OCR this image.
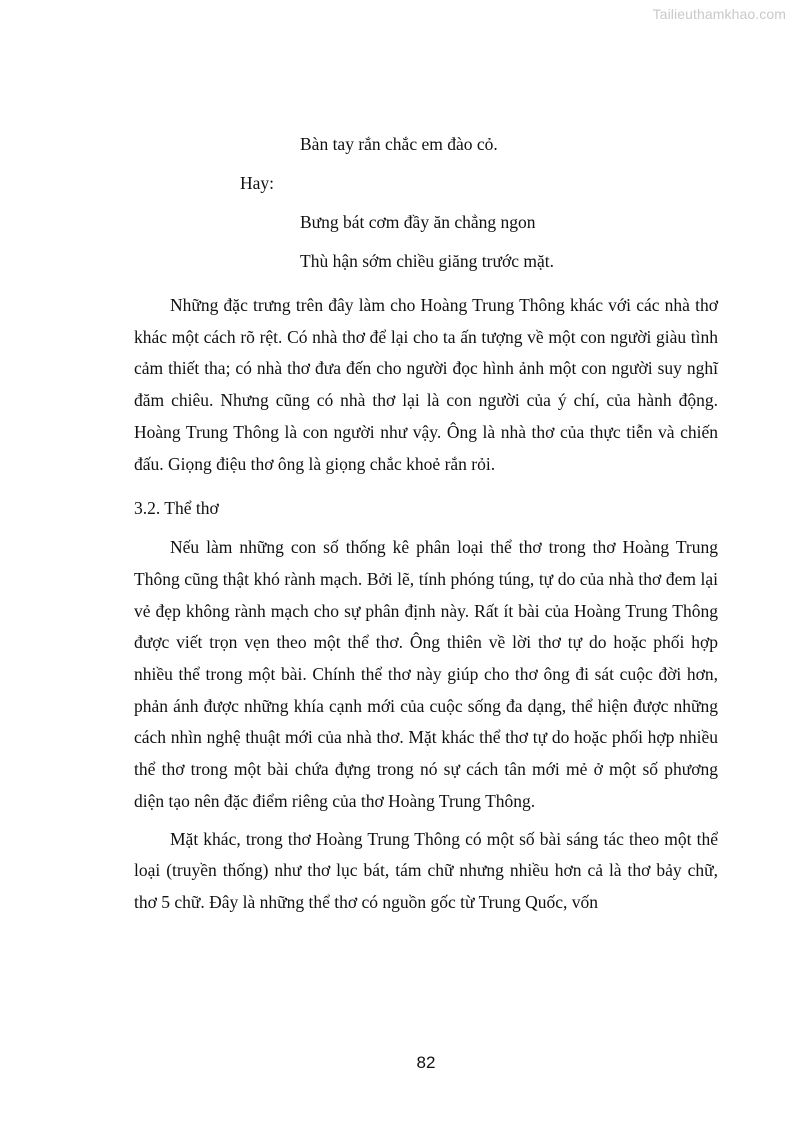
Tailieuthamkhao.com

Bàn tay rắn chắc em đào cỏ.

Hay:

Bưng bát cơm đầy ăn chẳng ngon

Thù hận sớm chiều giăng trước mặt.

Những đặc trưng trên đây làm cho Hoàng Trung Thông khác với các nhà thơ khác một cách rõ rệt. Có nhà thơ để lại cho ta ấn tượng về một con người giàu tình cảm thiết tha; có nhà thơ đưa đến cho người đọc hình ảnh một con người suy nghĩ đăm chiêu. Nhưng cũng có nhà thơ lại là con người của ý chí, của hành động. Hoàng Trung Thông là con người như vậy. Ông là nhà thơ của thực tiễn và chiến đấu. Giọng điệu thơ ông là giọng chắc khoẻ rắn rỏi.

3.2. Thể thơ

Nếu làm những con số thống kê phân loại thể thơ trong thơ Hoàng Trung Thông cũng thật khó rành mạch. Bởi lẽ, tính phóng túng, tự do của nhà thơ đem lại vẻ đẹp không rành mạch cho sự phân định này. Rất ít bài của Hoàng Trung Thông được viết trọn vẹn theo một thể thơ. Ông thiên về lời thơ tự do hoặc phối hợp nhiều thể trong một bài. Chính thể thơ này giúp cho thơ ông đi sát cuộc đời hơn, phản ánh được những khía cạnh mới của cuộc sống đa dạng, thể hiện được những cách nhìn nghệ thuật mới của nhà thơ. Mặt khác thể thơ tự do hoặc phối hợp nhiều thể thơ trong một bài chứa đựng trong nó sự cách tân mới mẻ ở một số phương diện tạo nên đặc điểm riêng của thơ Hoàng Trung Thông.

Mặt khác, trong thơ Hoàng Trung Thông có một số bài sáng tác theo một thể loại (truyền thống) như thơ lục bát, tám chữ nhưng nhiều hơn cả là thơ bảy chữ, thơ 5 chữ. Đây là những thể thơ có nguồn gốc từ Trung Quốc, vốn

82
